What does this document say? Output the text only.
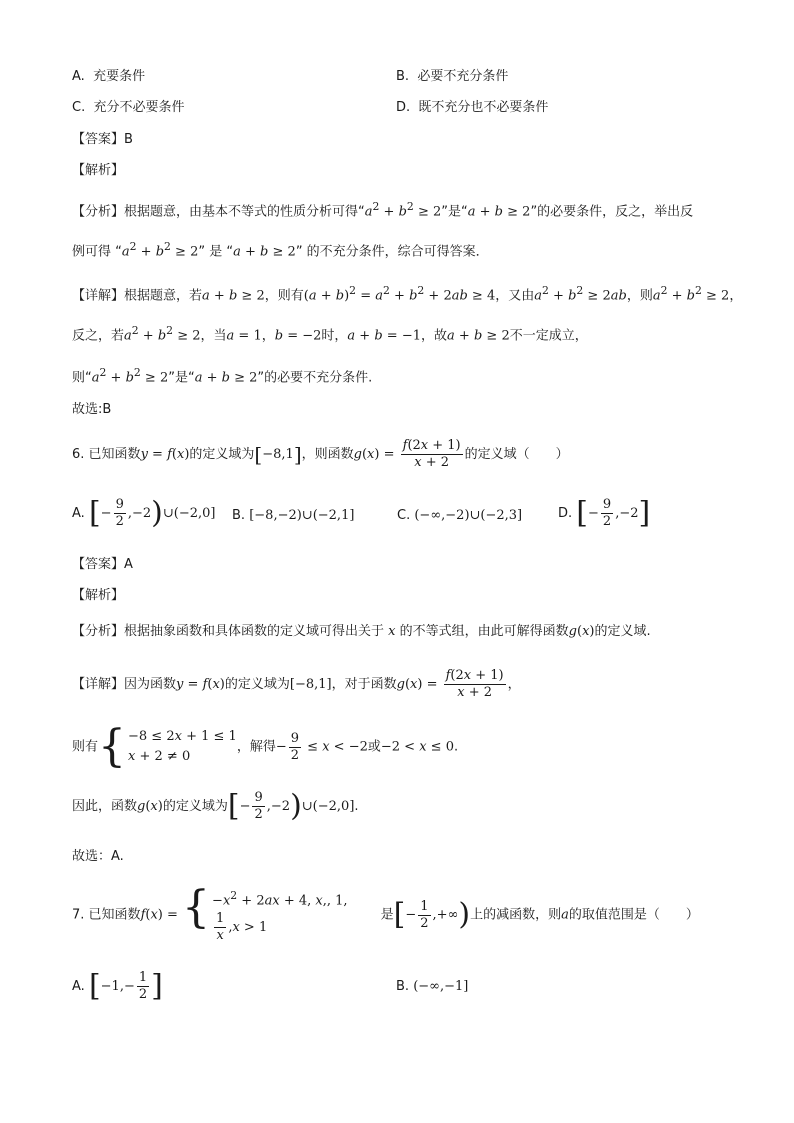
A. 充要条件	B. 必要不充分条件
C. 充分不必要条件	D. 既不充分也不必要条件
【答案】B
【解析】
【分析】根据题意，由基本不等式的性质分析可得“$a^2 + b^2 \ge 2$”是“a + b ≥ 2”的必要条件，反之，举出反
例可得 “$a^2 + b^2 \ge 2$” 是 “a + b ≥ 2” 的不充分条件，综合可得答案．
【详解】根据题意，若a + b ≥ 2，则有$(a + b)^2 = a^2 + b^2 + 2ab \ge 4$，又由$a^2 + b^2 \ge 2ab$，则$a^2 + b^2 \ge 2$，
反之，若$a^2 + b^2 \ge 2$，当a = 1，b = −2时，a + b = −1，故a + b ≥ 2不一定成立，
则“$a^2 + b^2 \ge 2$”是“a + b ≥ 2”的必要不充分条件.
故选:B
6. 已知函数y = f(x)的定义域为[−8,1]，则函数$g(x) = \frac{f(2x + 1)}{x + 2}$ 的定义域（　　）
A. [− $\frac{9}{2}$ ,−2)∪(−2,0] B. [−8,−2)∪(−2,1]	C. (−∞,−2)∪(−2,3]	D. [− $\frac{9}{2} ,-2$]
【答案】A
【解析】
【分析】根据抽象函数和具体函数的定义域可得出关于 x 的不等式组，由此可解得函数g(x)的定义域.
【详解】因为函数y = f(x)的定义域为[−8,1]，对于函数$g(x) = \frac{f(2x + 1)}{x + 2}$ ，
则有 { −8 ≤ 2x + 1 ≤ 1
x + 2 ≠ 0
，解得− $\frac{9}{2} \le x < -2$或−2 < x ≤ 0.
因此，函数g(x)的定义域为[− $\frac{9}{2}$ ,−2)∪(−2,0].
故选：A.
7. 已知函数f(x) = { $-x^2 + 2ax + 4$, x,, 1,
$\frac{1}{x} ,x > 1$
是[− $\frac{1}{2}$ ,+∞)上的减函数，则a的取值范围是（　　）
A. [$-1,- \frac{1}{2}$ ]	B. (−∞,−1]
